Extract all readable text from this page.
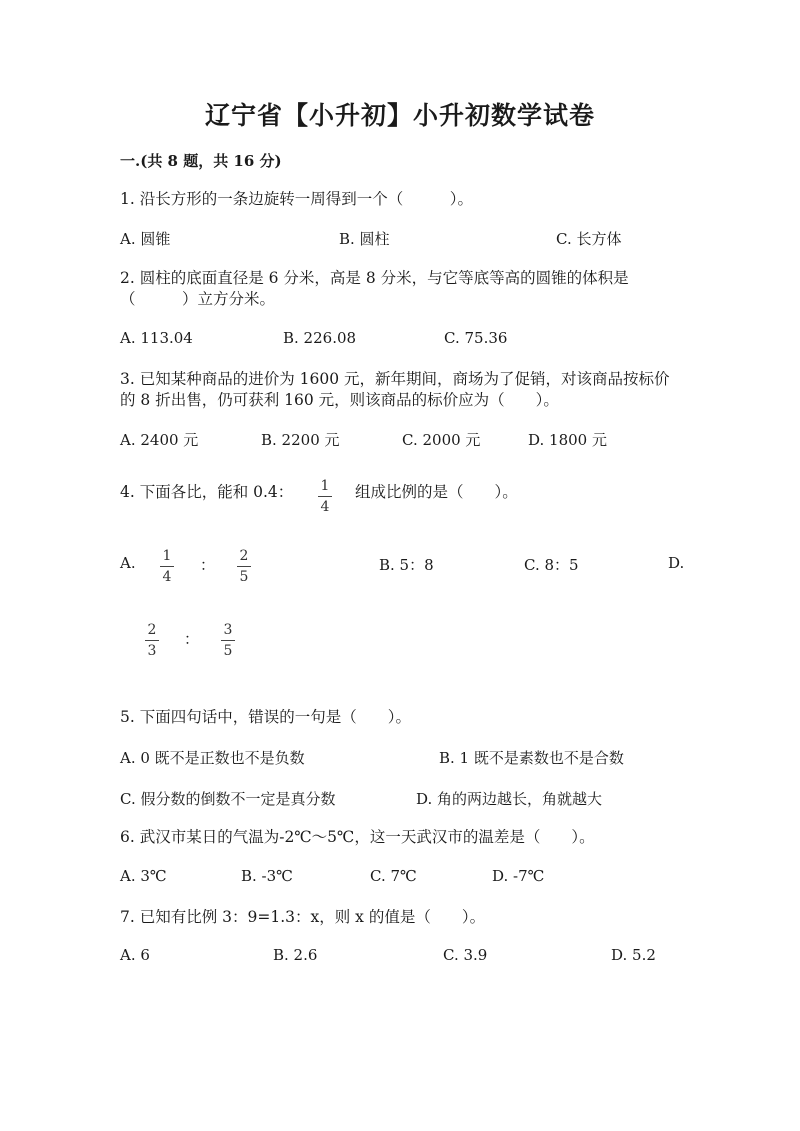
辽宁省【小升初】小升初数学试卷
一.(共 8 题，共 16 分)
1. 沿长方形的一条边旋转一周得到一个（　　　）。
A. 圆锥	B. 圆柱	C. 长方体
2. 圆柱的底面直径是 6 分米，高是 8 分米，与它等底等高的圆锥的体积是
（　　　）立方分米。
A. 113.04	B. 226.08	C. 75.36
3. 已知某种商品的进价为 1600 元，新年期间，商场为了促销，对该商品按标价
的 8 折出售，仍可获利 160 元，则该商品的标价应为（　　）。
A. 2400 元	B. 2200 元	C. 2000 元	D. 1800 元
4. 下面各比，能和 0.4： 1
4
组成比例的是（　　）。
A. 1
4
： 2
5
B. 5：8	C. 8：5	D.
2
3
： 3
5
5. 下面四句话中，错误的一句是（　　）。
A. 0 既不是正数也不是负数	B. 1 既不是素数也不是合数
C. 假分数的倒数不一定是真分数	D. 角的两边越长，角就越大
6. 武汉市某日的气温为-2℃～5℃，这一天武汉市的温差是（　　）。
A. 3℃	B. -3℃	C. 7℃	D. -7℃
7. 已知有比例 3：9=1.3：x，则 x 的值是（　　）。
A. 6	B. 2.6	C. 3.9	D. 5.2
